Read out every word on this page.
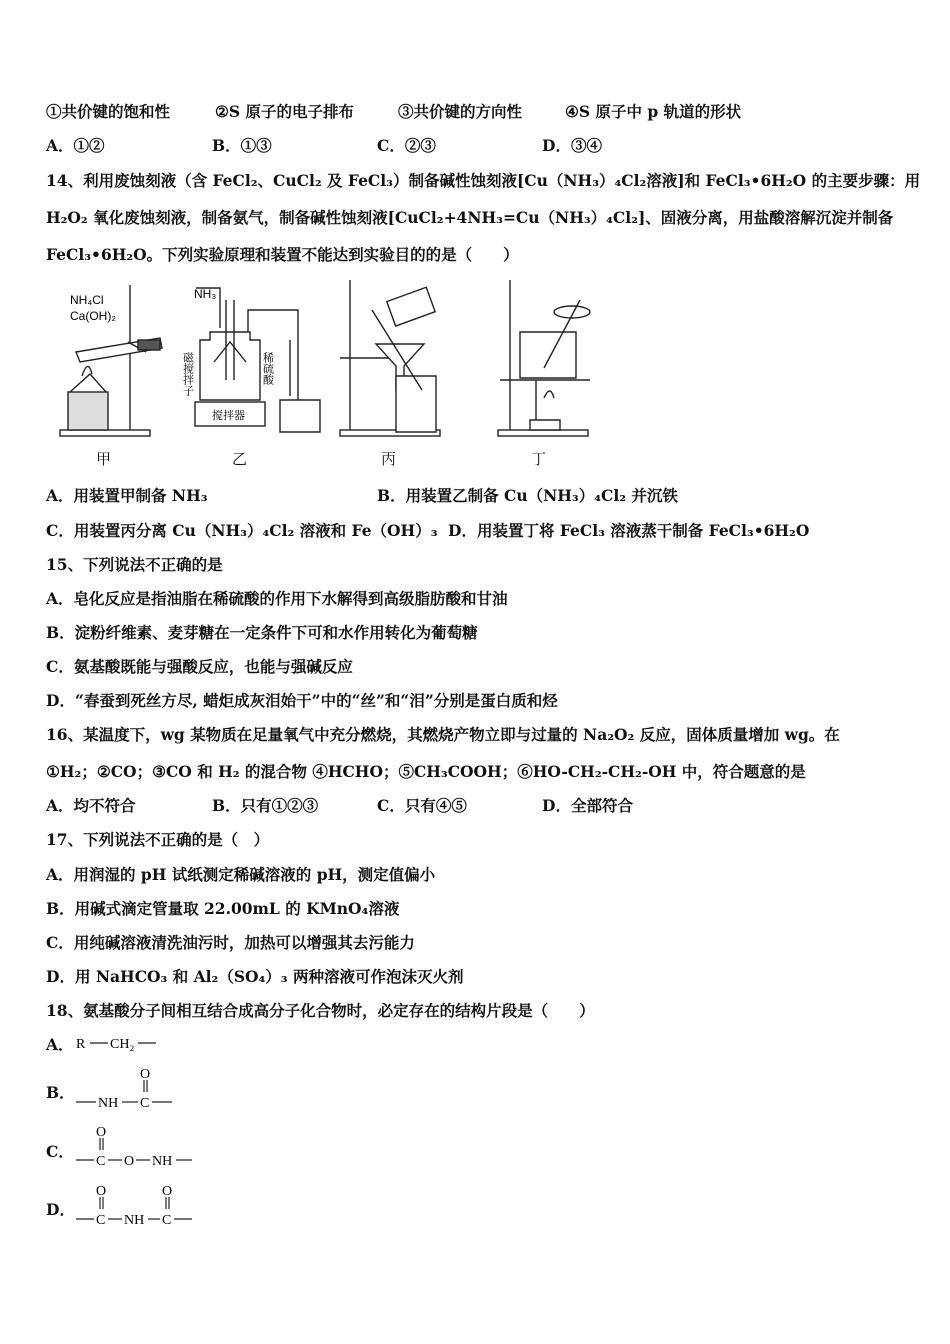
①共价键的饱和性	②S 原子的电子排布	③共价键的方向性	④S 原子中 p 轨道的形状
A．①②	B．①③	C．②③	D．③④
14、利用废蚀刻液（含 FeCl₂、CuCl₂ 及 FeCl₃）制备碱性蚀刻液[Cu（NH₃）₄Cl₂溶液]和 FeCl₃•6H₂O 的主要步骤：用
H₂O₂ 氧化废蚀刻液，制备氨气，制备碱性蚀刻液[CuCl₂+4NH₃=Cu（NH₃）₄Cl₂]、固液分离，用盐酸溶解沉淀并制备
FeCl₃•6H₂O。下列实验原理和装置不能达到实验目的的是（　　）
NH₄Cl
Ca(OH)₂
NH₃
磁搅拌子	稀硫酸
搅拌器
甲	乙	丙	丁
A．用装置甲制备 NH₃	B．用装置乙制备 Cu（NH₃）₄Cl₂ 并沉铁
C．用装置丙分离 Cu（NH₃）₄Cl₂ 溶液和 Fe（OH）₃ D．用装置丁将 FeCl₃ 溶液蒸干制备 FeCl₃•6H₂O
15、下列说法不正确的是
A．皂化反应是指油脂在稀硫酸的作用下水解得到高级脂肪酸和甘油
B．淀粉纤维素、麦芽糖在一定条件下可和水作用转化为葡萄糖
C．氨基酸既能与强酸反应，也能与强碱反应
D．“春蚕到死丝方尽, 蜡炬成灰泪始干”中的“丝”和“泪”分别是蛋白质和烃
16、某温度下，wg 某物质在足量氧气中充分燃烧，其燃烧产物立即与过量的 Na₂O₂ 反应，固体质量增加 wg。在
①H₂；②CO；③CO 和 H₂ 的混合物 ④HCHO；⑤CH₃COOH；⑥HO-CH₂-CH₂-OH 中，符合题意的是
A．均不符合	B．只有①②③	C．只有④⑤	D．全部符合
17、下列说法不正确的是（　）
A．用润湿的 pH 试纸测定稀碱溶液的 pH，测定值偏小
B．用碱式滴定管量取 22.00mL 的 KMnO₄溶液
C．用纯碱溶液清洗油污时，加热可以增强其去污能力
D．用 NaHCO₃ 和 Al₂（SO₄）₃ 两种溶液可作泡沫灭火剂
18、氨基酸分子间相互结合成高分子化合物时，必定存在的结构片段是（　　）
A． R CH₂
B．
NH C
O
C．
C
O
O NH
D．
C
O
NH C
O
